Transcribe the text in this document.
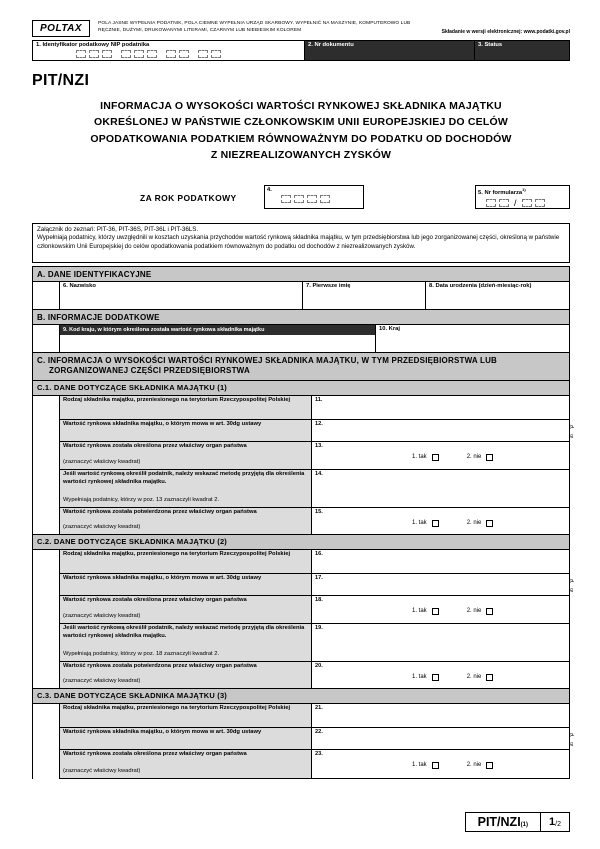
POLTAX	POLA JASNE WYPEŁNIA PODATNIK, POLA CIEMNE WYPEŁNIA URZĄD SKARBOWY. WYPEŁNIĆ NA MASZYNIE, KOMPUTEROWO LUB RĘCZNIE, DUŻYMI, DRUKOWANYMI LITERAMI, CZARNYM LUB NIEBIESKIM KOLOREM	Składanie w wersji elektronicznej: www.podatki.gov.pl
1. Identyfikator podatkowy NIP podatnika	2. Nr dokumentu	3. Status
PIT/NZI
INFORMACJA O WYSOKOŚCI WARTOŚCI RYNKOWEJ SKŁADNIKA MAJĄTKU
OKREŚLONEJ W PAŃSTWIE CZŁONKOWSKIM UNII EUROPEJSKIEJ DO CELÓW
OPODATKOWANIA PODATKIEM RÓWNOWAŻNYM DO PODATKU OD DOCHODÓW
Z NIEZREALIZOWANYCH ZYSKÓW
ZA ROK PODATKOWY
4.	5. Nr formularza$^{1)}$
/
Załącznik do zeznań: PIT-36, PIT-36S, PIT-36L i PIT-36LS.
Wypełniają podatnicy, którzy uwzględnili w kosztach uzyskania przychodów wartość rynkową składnika majątku, w tym przedsiębiorstwa lub jego zorganizowanej części, określoną w państwie członkowskim Unii Europejskiej do celów opodatkowania podatkiem równoważnym do podatku od dochodów z niezrealizowanych zysków.
A. DANE IDENTYFIKACYJNE
6. Nazwisko	7. Pierwsze imię	8. Data urodzenia (dzień-miesiąc-rok)
B. INFORMACJE DODATKOWE
9. Kod kraju, w którym określona została wartość rynkowa składnika majątku	10. Kraj
C. INFORMACJA O WYSOKOŚCI WARTOŚCI RYNKOWEJ SKŁADNIKA MAJĄTKU, W TYM PRZEDSIĘBIORSTWA LUB ZORGANIZOWANEJ CZĘŚCI PRZEDSIĘBIORSTWA
C.1. DANE DOTYCZĄCE SKŁADNIKA MAJĄTKU (1)
Rodzaj składnika majątku, przeniesionego na terytorium Rzeczypospolitej Polskiej	11.
Wartość rynkowa składnika majątku, o którym mowa w art. 30dg ustawy	12.
zł,    gr
Wartość rynkowa została określona przez właściwy organ państwa
(zaznaczyć właściwy kwadrat)
13.
1. tak	2. nie
Jeśli wartość rynkową określił podatnik, należy wskazać metodę przyjętą dla określenia wartości rynkowej składnika majątku.
Wypełniają podatnicy, którzy w poz. 13 zaznaczyli kwadrat 2.
14.
Wartość rynkowa została potwierdzona przez właściwy organ państwa
(zaznaczyć właściwy kwadrat)
15.
1. tak	2. nie
C.2. DANE DOTYCZĄCE SKŁADNIKA MAJĄTKU (2)
Rodzaj składnika majątku, przeniesionego na terytorium Rzeczypospolitej Polskiej	16.
Wartość rynkowa składnika majątku, o którym mowa w art. 30dg ustawy	17.
zł,    gr
Wartość rynkowa została określona przez właściwy organ państwa
(zaznaczyć właściwy kwadrat)
18.
1. tak	2. nie
Jeśli wartość rynkową określił podatnik, należy wskazać metodę przyjętą dla określenia wartości rynkowej składnika majątku.
Wypełniają podatnicy, którzy w poz. 18 zaznaczyli kwadrat 2.
19.
Wartość rynkowa została potwierdzona przez właściwy organ państwa
(zaznaczyć właściwy kwadrat)
20.
1. tak	2. nie
C.3. DANE DOTYCZĄCE SKŁADNIKA MAJĄTKU (3)
Rodzaj składnika majątku, przeniesionego na terytorium Rzeczypospolitej Polskiej	21.
Wartość rynkowa składnika majątku, o którym mowa w art. 30dg ustawy	22.
zł,    gr
Wartość rynkowa została określona przez właściwy organ państwa
(zaznaczyć właściwy kwadrat)
23.
1. tak	2. nie
PIT/NZI (1) 1 / 2
